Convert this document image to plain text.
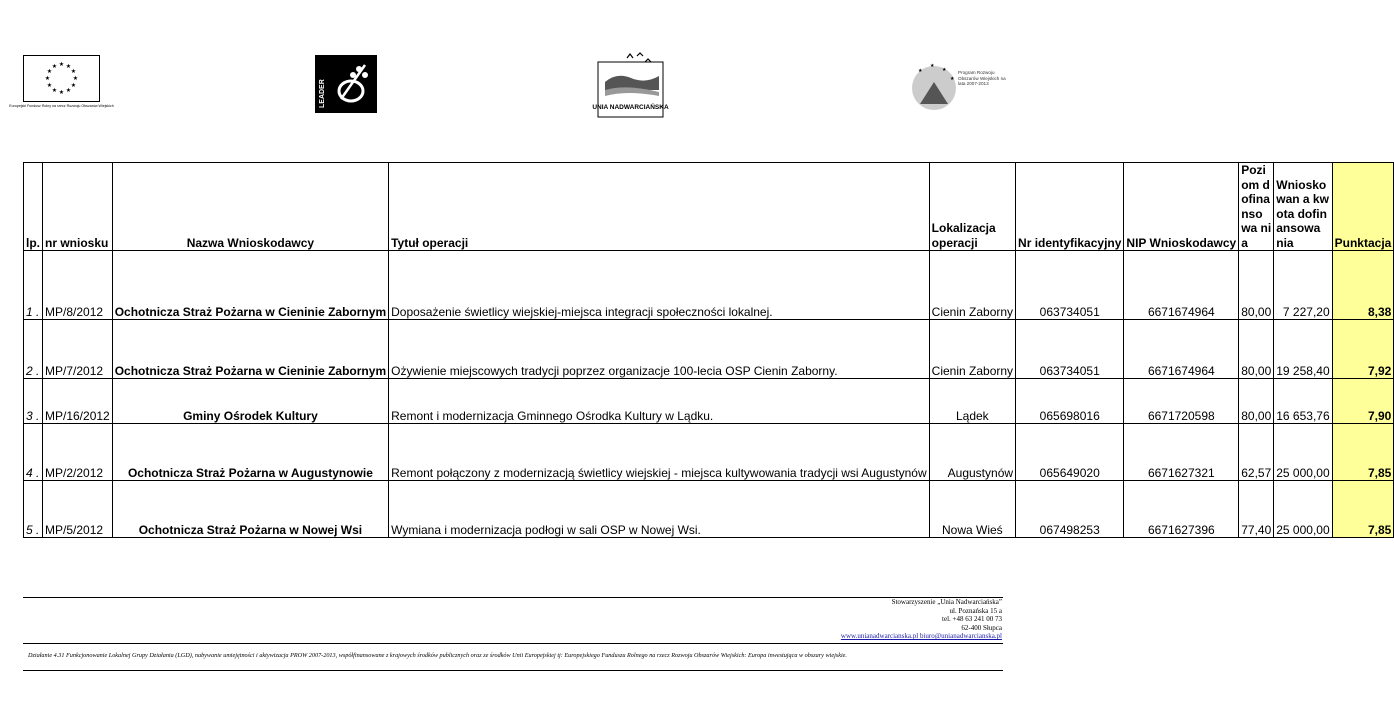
★ ★
★
★
★
★
★
★
★
★
★
★
Europejski Fundusz Rolny na rzecz Rozwoju Obszarów Wiejskich	LEADER	UNIA NADWARCIAŃSKA
★
★
★
★
Program Rozwoju Obszarów Wiejskich na lata 2007-2013
lp.	nr wniosku	Nazwa Wnioskodawcy	Tytuł operacji	Lokalizacja operacji	Nr identyfikacyjny	NIP Wnioskodawcy	Poziom dofinansowa nia	Wnioskowan a kwota dofinansowa nia	Punktacja
1 .	MP/8/2012	Ochotnicza Straż Pożarna w Cieninie Zabornym	Doposażenie świetlicy wiejskiej-miejsca integracji społeczności lokalnej.	Cienin Zaborny	063734051	6671674964	80,00	7 227,20	8,38
2 .	MP/7/2012	Ochotnicza Straż Pożarna w Cieninie Zabornym	Ożywienie miejscowych tradycji poprzez organizacje 100-lecia OSP Cienin Zaborny.	Cienin Zaborny	063734051	6671674964	80,00	19 258,40	7,92
3 .	MP/16/2012	Gminy Ośrodek Kultury	Remont i modernizacja Gminnego Ośrodka Kultury w Lądku.	Lądek	065698016	6671720598	80,00	16 653,76	7,90
4 .	MP/2/2012	Ochotnicza Straż Pożarna w Augustynowie	Remont połączony z modernizacją świetlicy wiejskiej - miejsca kultywowania tradycji wsi Augustynów	Augustynów	065649020	6671627321	62,57	25 000,00	7,85
5 .	MP/5/2012	Ochotnicza Straż Pożarna w Nowej Wsi	Wymiana i modernizacja podłogi w sali OSP w Nowej Wsi.	Nowa Wieś	067498253	6671627396	77,40	25 000,00	7,85
Stowarzyszenie „Unia Nadwarciańska”
ul. Poznańska 15 a
tel. +48 63 241 00 73
62-400 Słupca
www.unianadwarcianska.pl biuro@unianadwarcianska.pl
Działanie 4.31 Funkcjonowanie Lokalnej Grupy Działania (LGD), nabywanie umiejętności i aktywizacja PROW 2007-2013, współfinansowane z krajowych środków publicznych oraz ze środków Unii Europejskiej tj: Europejskiego Funduszu Rolnego na rzecz Rozwoju Obszarów Wiejskich: Europa inwestująca w obszary wiejskie.
